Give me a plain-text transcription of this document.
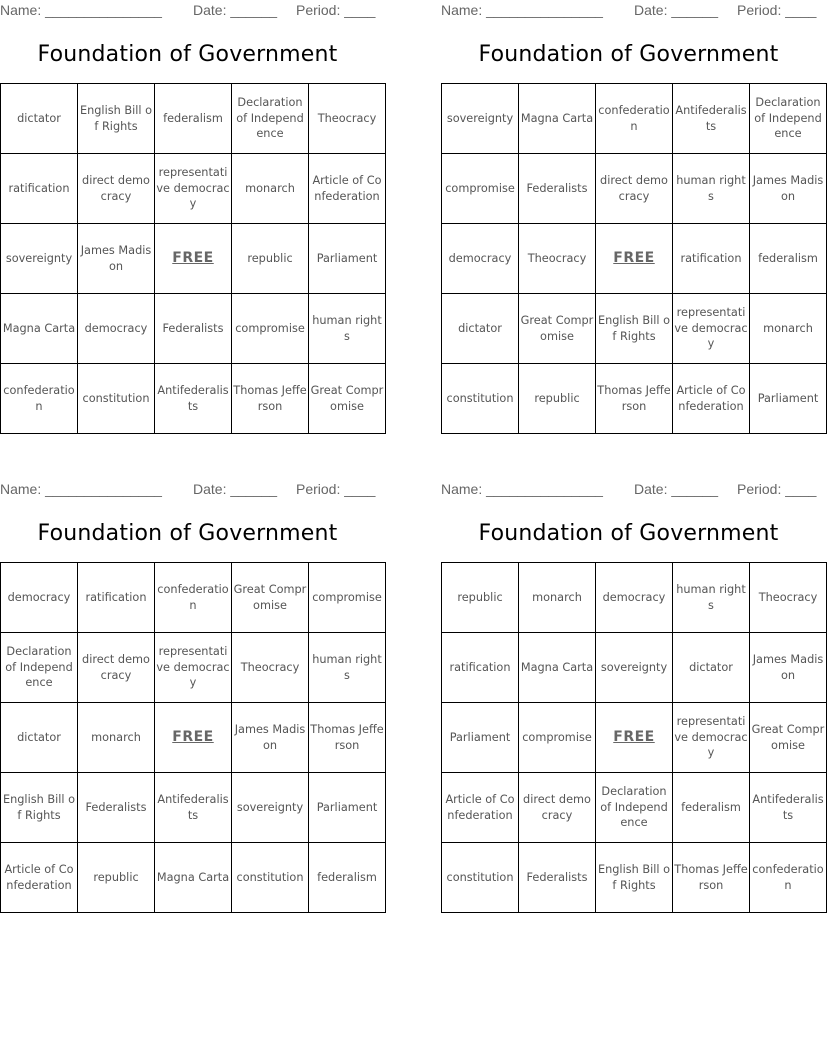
Name: _______________ Date: ______ Period: ____
Foundation of Government
dictator	English Bill of Rights	federalism	Declaration of Independence	Theocracy
ratification	direct democracy	representative democracy	monarch	Article of Confederation
sovereignty	James Madison	FREE	republic	Parliament
Magna Carta	democracy	Federalists	compromise	human rights
confederation	constitution	Antifederalists	Thomas Jefferson	Great Compromise
Name: _______________ Date: ______ Period: ____
Foundation of Government
sovereignty	Magna Carta	confederation	Antifederalists	Declaration of Independence
compromise	Federalists	direct democracy	human rights	James Madison
democracy	Theocracy	FREE	ratification	federalism
dictator	Great Compromise	English Bill of Rights	representative democracy	monarch
constitution	republic	Thomas Jefferson	Article of Confederation	Parliament
Name: _______________ Date: ______ Period: ____
Foundation of Government
democracy	ratification	confederation	Great Compromise	compromise
Declaration of Independence	direct democracy	representative democracy	Theocracy	human rights
dictator	monarch	FREE	James Madison	Thomas Jefferson
English Bill of Rights	Federalists	Antifederalists	sovereignty	Parliament
Article of Confederation	republic	Magna Carta	constitution	federalism
Name: _______________ Date: ______ Period: ____
Foundation of Government
republic	monarch	democracy	human rights	Theocracy
ratification	Magna Carta	sovereignty	dictator	James Madison
Parliament	compromise	FREE	representative democracy	Great Compromise
Article of Confederation	direct democracy	Declaration of Independence	federalism	Antifederalists
constitution	Federalists	English Bill of Rights	Thomas Jefferson	confederation
